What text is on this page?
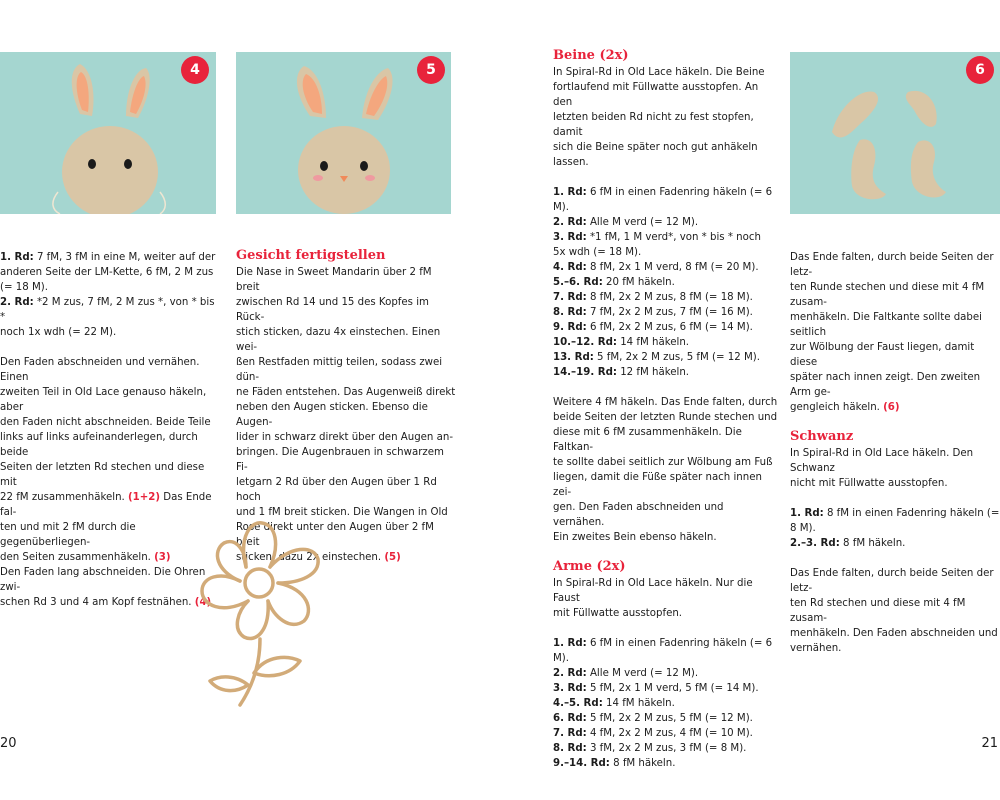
4	5	6

1. Rd: 7 fM, 3 fM in eine M, weiter auf der

anderen Seite der LM-Kette, 6 fM, 2 M zus

(= 18 M).

2. Rd: *2 M zus, 7 fM, 2 M zus *, von * bis *

noch 1x wdh (= 22 M).

Den Faden abschneiden und vernähen. Einen

zweiten Teil in Old Lace genauso häkeln, aber

den Faden nicht abschneiden. Beide Teile

links auf links aufeinanderlegen, durch beide

Seiten der letzten Rd stechen und diese mit

22 fM zusammenhäkeln. (1+2) Das Ende fal-

ten und mit 2 fM durch die gegenüberliegen-

den Seiten zusammenhäkeln. (3)

Den Faden lang abschneiden. Die Ohren zwi-

schen Rd 3 und 4 am Kopf festnähen. (4)

Gesicht fertigstellen

Die Nase in Sweet Mandarin über 2 fM breit

zwischen Rd 14 und 15 des Kopfes im Rück-

stich sticken, dazu 4x einstechen. Einen wei-

ßen Restfaden mittig teilen, sodass zwei dün-

ne Fäden entstehen. Das Augenweiß direkt

neben den Augen sticken. Ebenso die Augen-

lider in schwarz direkt über den Augen an-

bringen. Die Augenbrauen in schwarzem Fi-

letgarn 2 Rd über den Augen über 1 Rd hoch

und 1 fM breit sticken. Die Wangen in Old

Rose direkt unter den Augen über 2 fM breit

sticken, dazu 2x einstechen. (5)

Beine (2x)

In Spiral-Rd in Old Lace häkeln. Die Beine

fortlaufend mit Füllwatte ausstopfen. An den

letzten beiden Rd nicht zu fest stopfen, damit

sich die Beine später noch gut anhäkeln

lassen.

1. Rd: 6 fM in einen Fadenring häkeln (= 6 M).

2. Rd: Alle M verd (= 12 M).

3. Rd: *1 fM, 1 M verd*, von * bis * noch

5x wdh (= 18 M).

4. Rd: 8 fM, 2x 1 M verd, 8 fM (= 20 M).

5.–6. Rd: 20 fM häkeln.

7. Rd: 8 fM, 2x 2 M zus, 8 fM (= 18 M).

8. Rd: 7 fM, 2x 2 M zus, 7 fM (= 16 M).

9. Rd: 6 fM, 2x 2 M zus, 6 fM (= 14 M).

10.–12. Rd: 14 fM häkeln.

13. Rd: 5 fM, 2x 2 M zus, 5 fM (= 12 M).

14.–19. Rd: 12 fM häkeln.

Weitere 4 fM häkeln. Das Ende falten, durch

beide Seiten der letzten Runde stechen und

diese mit 6 fM zusammenhäkeln. Die Faltkan-

te sollte dabei seitlich zur Wölbung am Fuß

liegen, damit die Füße später nach innen zei-

gen. Den Faden abschneiden und vernähen.

Ein zweites Bein ebenso häkeln.

Arme (2x)

In Spiral-Rd in Old Lace häkeln. Nur die Faust

mit Füllwatte ausstopfen.

1. Rd: 6 fM in einen Fadenring häkeln (= 6 M).

2. Rd: Alle M verd (= 12 M).

3. Rd: 5 fM, 2x 1 M verd, 5 fM (= 14 M).

4.–5. Rd: 14 fM häkeln.

6. Rd: 5 fM, 2x 2 M zus, 5 fM (= 12 M).

7. Rd: 4 fM, 2x 2 M zus, 4 fM (= 10 M).

8. Rd: 3 fM, 2x 2 M zus, 3 fM (= 8 M).

9.–14. Rd: 8 fM häkeln.

Das Ende falten, durch beide Seiten der letz-

ten Runde stechen und diese mit 4 fM zusam-

menhäkeln. Die Faltkante sollte dabei seitlich

zur Wölbung der Faust liegen, damit diese

später nach innen zeigt. Den zweiten Arm ge-

gengleich häkeln. (6)

Schwanz

In Spiral-Rd in Old Lace häkeln. Den Schwanz

nicht mit Füllwatte ausstopfen.

1. Rd: 8 fM in einen Fadenring häkeln (= 8 M).

2.–3. Rd: 8 fM häkeln.

Das Ende falten, durch beide Seiten der letz-

ten Rd stechen und diese mit 4 fM zusam-

menhäkeln. Den Faden abschneiden und

vernähen.

20	21
